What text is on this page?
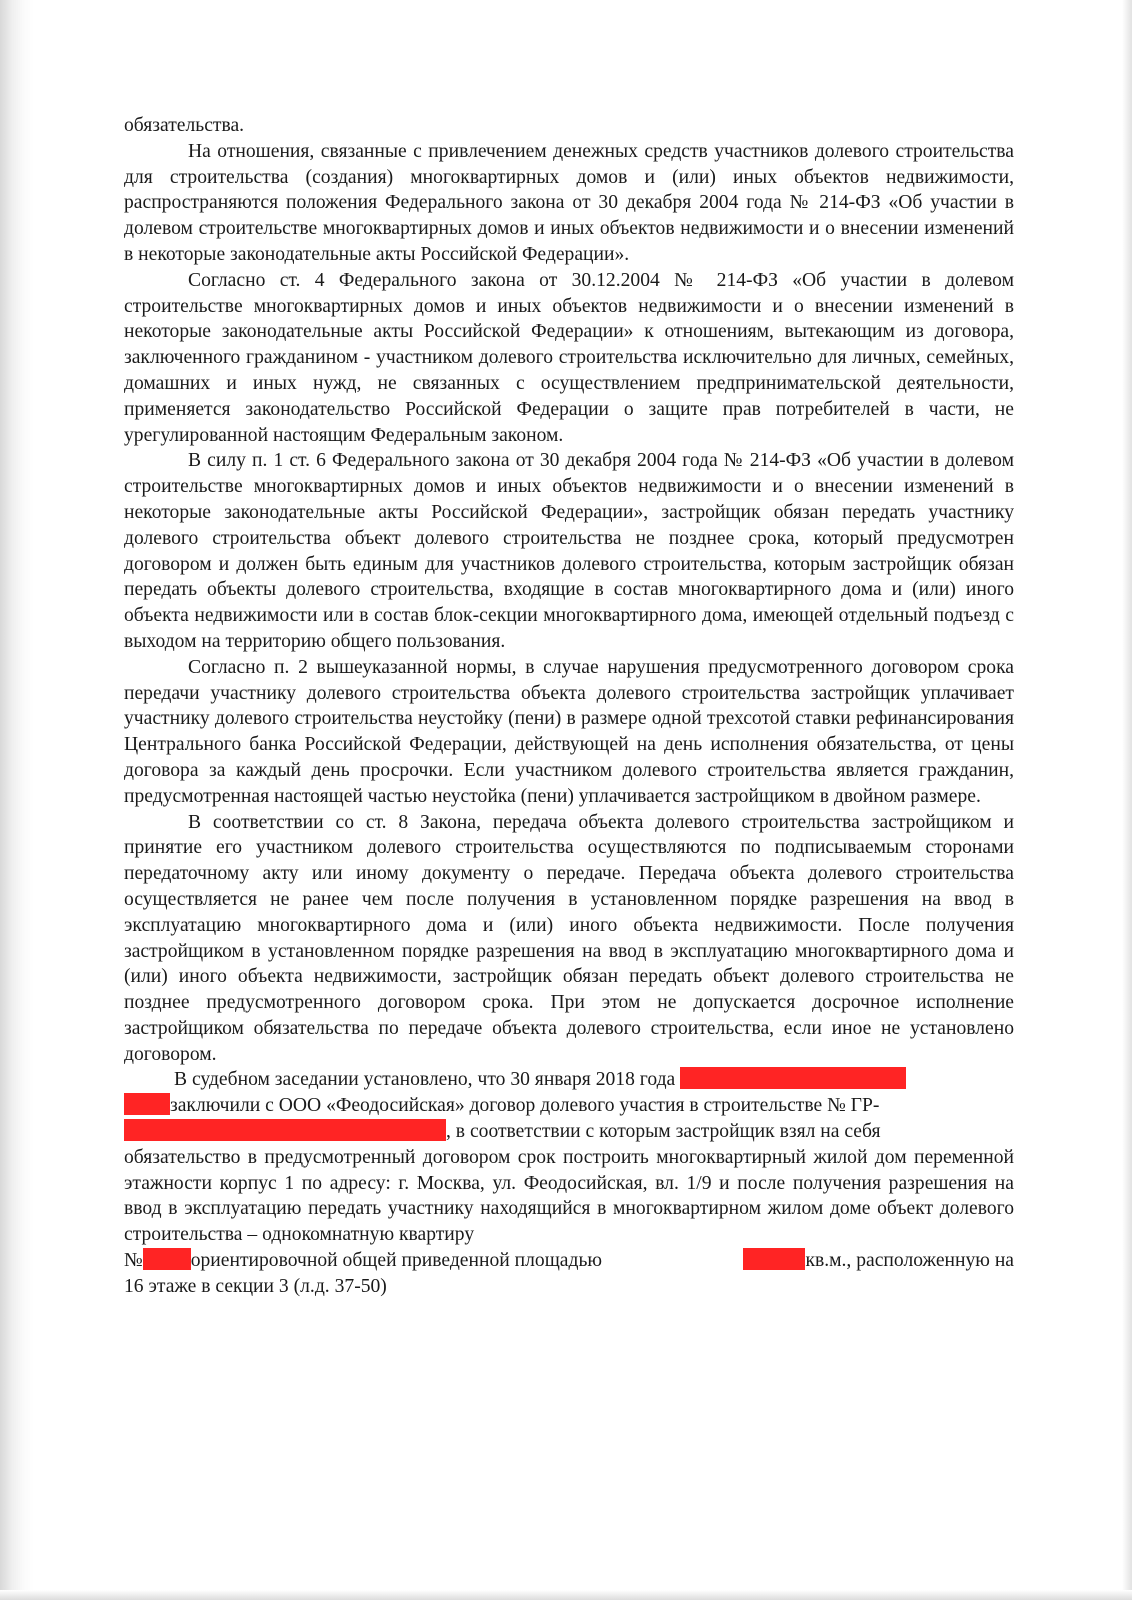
обязательства.

На отношения, связанные с привлечением денежных средств участников долевого строительства для строительства (создания) многоквартирных домов и (или) иных объектов недвижимости, распространяются положения Федерального закона от 30 декабря 2004 года № 214-ФЗ «Об участии в долевом строительстве многоквартирных домов и иных объектов недвижимости и о внесении изменений в некоторые законодательные акты Российской Федерации».

Согласно ст. 4 Федерального закона от 30.12.2004 № 214-ФЗ «Об участии в долевом строительстве многоквартирных домов и иных объектов недвижимости и о внесении изменений в некоторые законодательные акты Российской Федерации» к отношениям, вытекающим из договора, заключенного гражданином - участником долевого строительства исключительно для личных, семейных, домашних и иных нужд, не связанных с осуществлением предпринимательской деятельности, применяется законодательство Российской Федерации о защите прав потребителей в части, не урегулированной настоящим Федеральным законом.

В силу п. 1 ст. 6 Федерального закона от 30 декабря 2004 года № 214-ФЗ «Об участии в долевом строительстве многоквартирных домов и иных объектов недвижимости и о внесении изменений в некоторые законодательные акты Российской Федерации», застройщик обязан передать участнику долевого строительства объект долевого строительства не позднее срока, который предусмотрен договором и должен быть единым для участников долевого строительства, которым застройщик обязан передать объекты долевого строительства, входящие в состав многоквартирного дома и (или) иного объекта недвижимости или в состав блок-секции многоквартирного дома, имеющей отдельный подъезд с выходом на территорию общего пользования.

Согласно п. 2 вышеуказанной нормы, в случае нарушения предусмотренного договором срока передачи участнику долевого строительства объекта долевого строительства застройщик уплачивает участнику долевого строительства неустойку (пени) в размере одной трехсотой ставки рефинансирования Центрального банка Российской Федерации, действующей на день исполнения обязательства, от цены договора за каждый день просрочки. Если участником долевого строительства является гражданин, предусмотренная настоящей частью неустойка (пени) уплачивается застройщиком в двойном размере.

В соответствии со ст. 8 Закона, передача объекта долевого строительства застройщиком и принятие его участником долевого строительства осуществляются по подписываемым сторонами передаточному акту или иному документу о передаче. Передача объекта долевого строительства осуществляется не ранее чем после получения в установленном порядке разрешения на ввод в эксплуатацию многоквартирного дома и (или) иного объекта недвижимости. После получения застройщиком в установленном порядке разрешения на ввод в эксплуатацию многоквартирного дома и (или) иного объекта недвижимости, застройщик обязан передать объект долевого строительства не позднее предусмотренного договором срока. При этом не допускается досрочное исполнение застройщиком обязательства по передаче объекта долевого строительства, если иное не установлено договором.

В судебном заседании установлено, что 30 января 2018 года
заключили с ООО «Феодосийская» договор долевого участия в строительстве № ГР-
, в соответствии с которым застройщик взял на себя

обязательство в предусмотренный договором срок построить многоквартирный жилой дом переменной этажности корпус 1 по адресу: г. Москва, ул. Феодосийская, вл. 1/9 и после получения разрешения на ввод в эксплуатацию передать участнику находящийся в многоквартирном жилом доме объект долевого строительства – однокомнатную квартиру

№ ориентировочной общей приведенной площадью	кв.м., расположенную на
16 этаже в секции 3 (л.д. 37-50)
